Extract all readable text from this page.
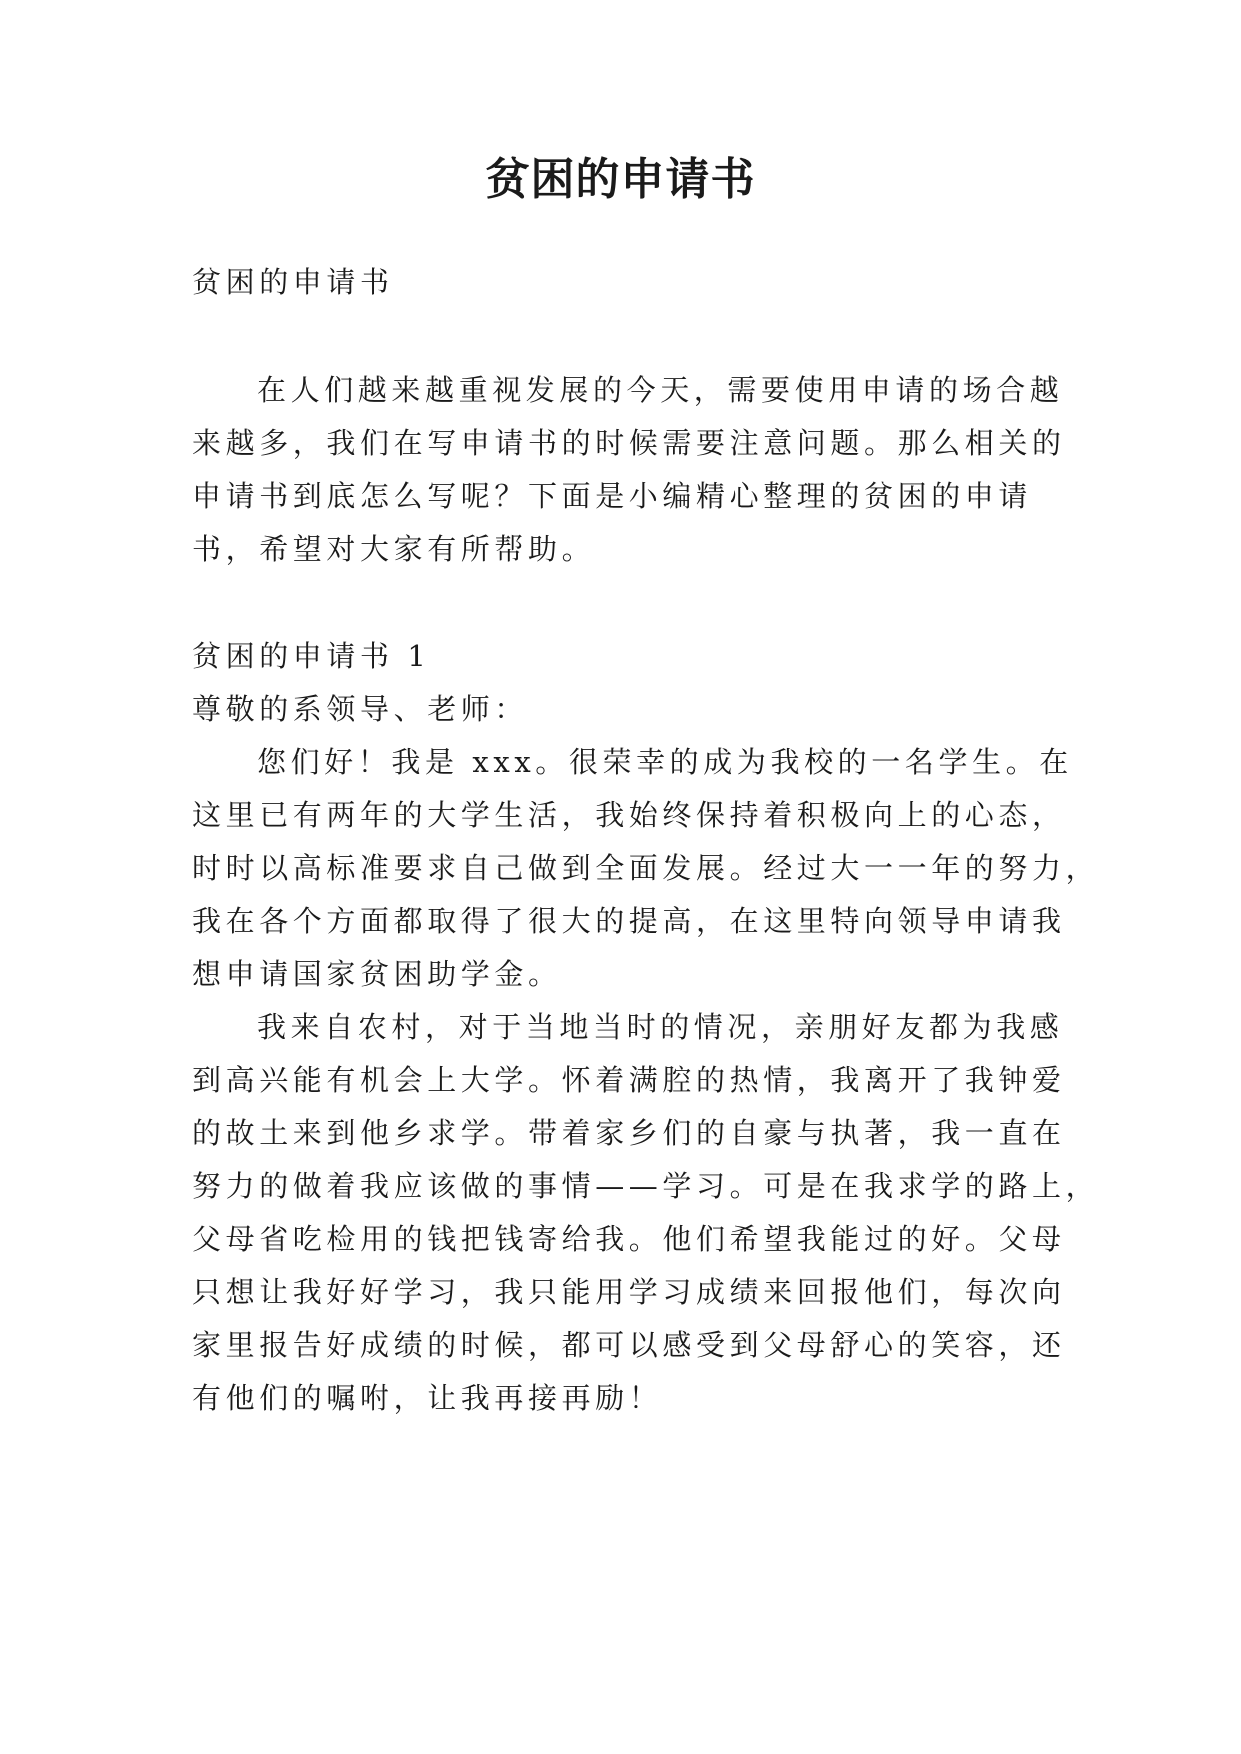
贫困的申请书
贫困的申请书
在人们越来越重视发展的今天，需要使用申请的场合越
来越多，我们在写申请书的时候需要注意问题。那么相关的
申请书到底怎么写呢？下面是小编精心整理的贫困的申请
书，希望对大家有所帮助。
贫困的申请书 1
尊敬的系领导、老师：
您们好！我是 xxx。很荣幸的成为我校的一名学生。在
这里已有两年的大学生活，我始终保持着积极向上的心态，
时时以高标准要求自己做到全面发展。经过大一一年的努力，
我在各个方面都取得了很大的提高，在这里特向领导申请我
想申请国家贫困助学金。
我来自农村，对于当地当时的情况，亲朋好友都为我感
到高兴能有机会上大学。怀着满腔的热情，我离开了我钟爱
的故土来到他乡求学。带着家乡们的自豪与执著，我一直在
努力的做着我应该做的事情——学习。可是在我求学的路上，
父母省吃检用的钱把钱寄给我。他们希望我能过的好。父母
只想让我好好学习，我只能用学习成绩来回报他们，每次向
家里报告好成绩的时候，都可以感受到父母舒心的笑容，还
有他们的嘱咐，让我再接再励！
